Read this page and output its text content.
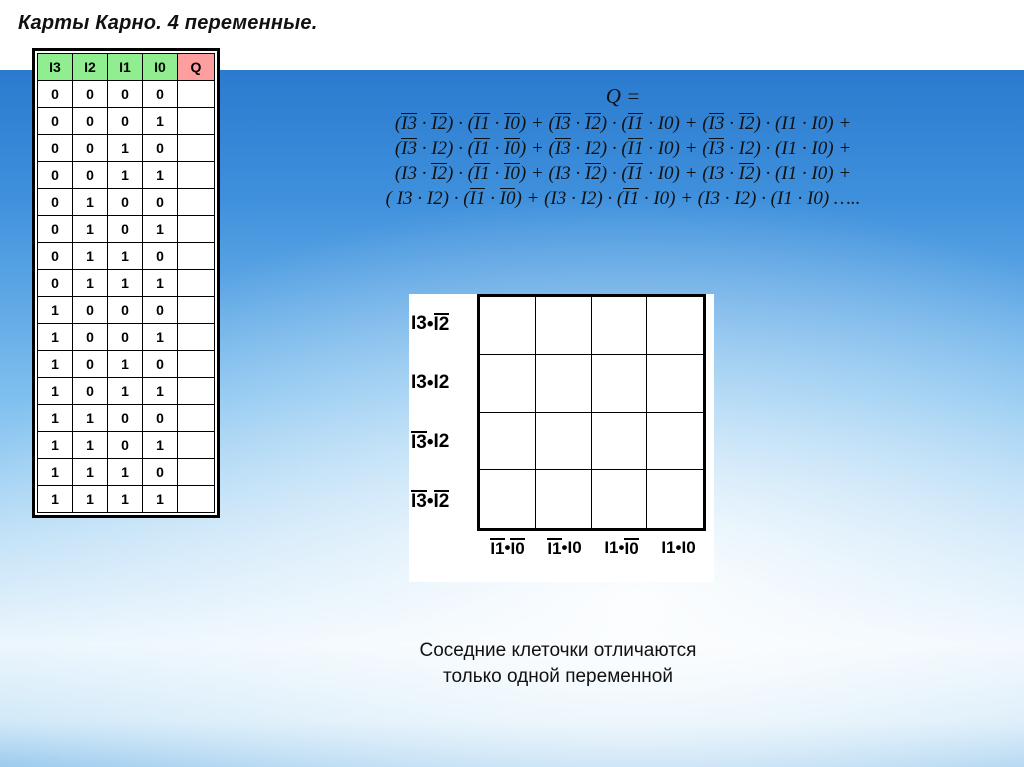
Карты Карно. 4 переменные.
I3	I2	I1	I0	Q
0	0	0	0	
0	0	0	1	
0	0	1	0	
0	0	1	1	
0	1	0	0	
0	1	0	1	
0	1	1	0	
0	1	1	1	
1	0	0	0	
1	0	0	1	
1	0	1	0	
1	0	1	1	
1	1	0	0	
1	1	0	1	
1	1	1	0	
1	1	1	1	
Q =
(I3 · I2) · (I1 · I0) + (I3 · I2) · (I1 · I0) + (I3 · I2) · (I1 · I0) +
(I3 · I2) · (I1 · I0) + (I3 · I2) · (I1 · I0) + (I3 · I2) · (I1 · I0) +
(I3 · I2) · (I1 · I0) + (I3 · I2) · (I1 · I0) + (I3 · I2) · (I1 · I0) +
( I3 · I2) · (I1 · I0) + (I3 · I2) · (I1 · I0) + (I3 · I2) · (I1 · I0) …..
I3 • I2
I3 • I2
I3 • I2
I3 • I2
I1 • I0 I1 • I0 I1 • I0 I1 • I0
Соседние клеточки отличаются
только одной переменной
